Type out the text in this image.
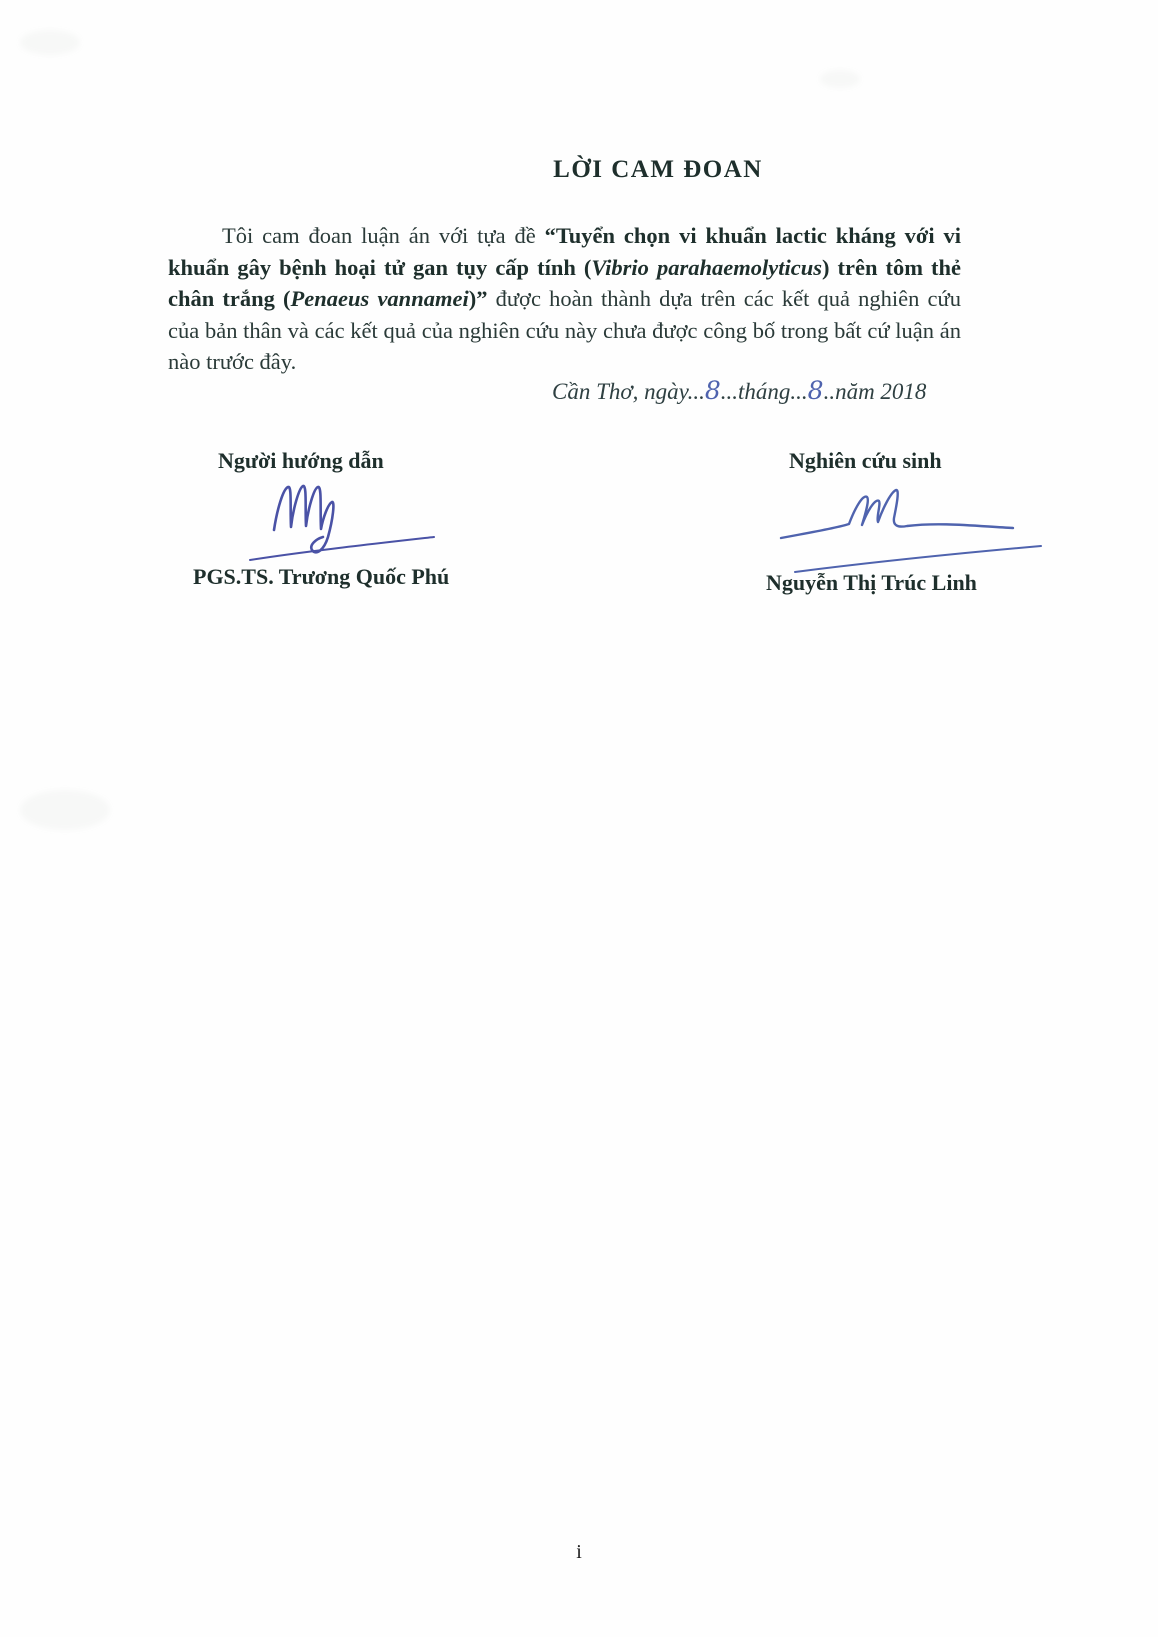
LỜI CAM ĐOAN

Tôi cam đoan luận án với tựa đề “Tuyển chọn vi khuẩn lactic kháng với vi khuẩn gây bệnh hoại tử gan tụy cấp tính (Vibrio parahaemolyticus) trên tôm thẻ chân trắng (Penaeus vannamei)” được hoàn thành dựa trên các kết quả nghiên cứu của bản thân và các kết quả của nghiên cứu này chưa được công bố trong bất cứ luận án nào trước đây.

Cần Thơ, ngày...8...tháng...8..năm 2018
Người hướng dẫn	Nghiên cứu sinh
PGS.TS. Trương Quốc Phú	Nguyễn Thị Trúc Linh
i
